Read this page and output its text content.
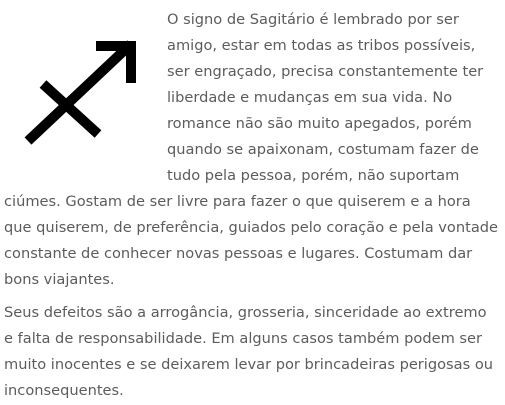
O signo de Sagitário é lembrado por ser amigo, estar em todas as tribos possíveis, ser engraçado, precisa constantemente ter liberdade e mudanças em sua vida. No romance não são muito apegados, porém quando se apaixonam, costumam fazer de tudo pela pessoa, porém, não suportam ciúmes. Gostam de ser livre para fazer o que quiserem e a hora que quiserem, de preferência, guiados pelo coração e pela vontade constante de conhecer novas pessoas e lugares. Costumam dar bons viajantes.

Seus defeitos são a arrogância, grosseria, sinceridade ao extremo e falta de responsabilidade. Em alguns casos também podem ser muito inocentes e se deixarem levar por brincadeiras perigosas ou inconsequentes.
